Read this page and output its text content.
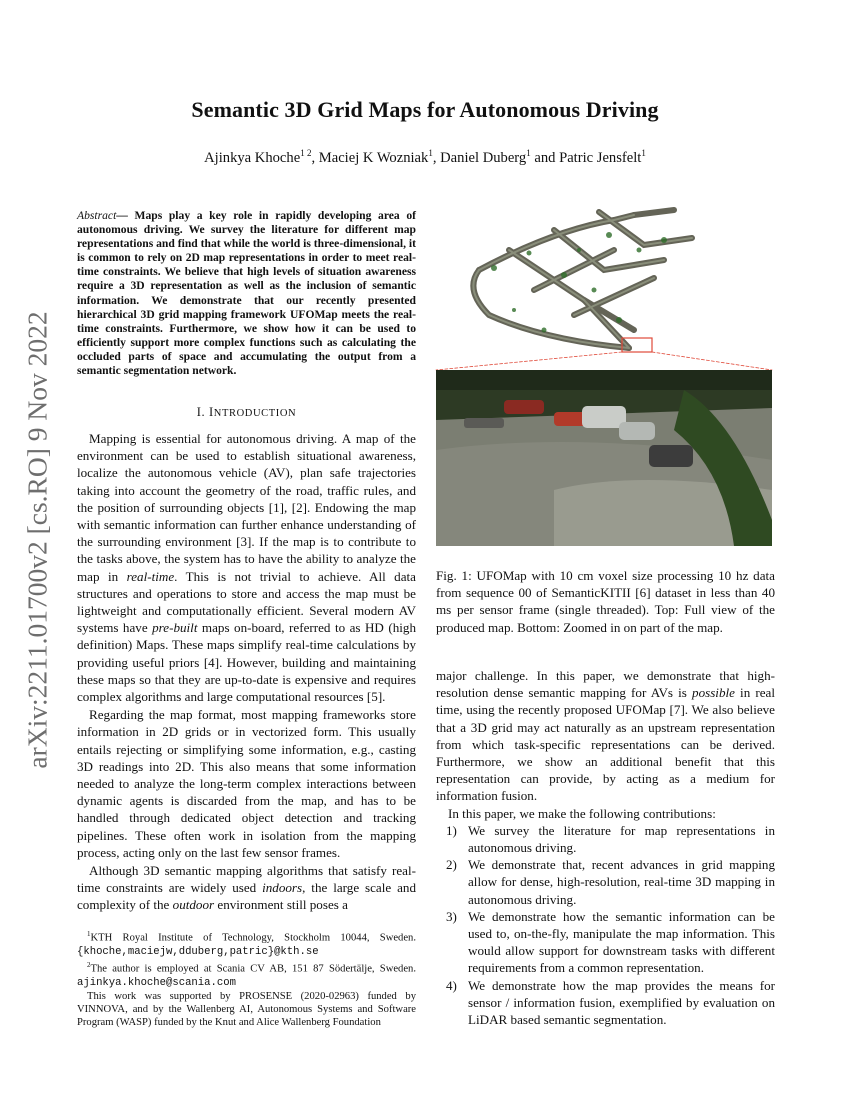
arXiv:2211.01700v2 [cs.RO] 9 Nov 2022
Semantic 3D Grid Maps for Autonomous Driving
Ajinkya Khoche$^{1 2}$, Maciej K Wozniak$^1$, Daniel Duberg$^1$ and Patric Jensfelt$^1$
Abstract— Maps play a key role in rapidly developing area of autonomous driving. We survey the literature for different map representations and find that while the world is three-dimensional, it is common to rely on 2D map representations in order to meet real-time constraints. We believe that high levels of situation awareness require a 3D representation as well as the inclusion of semantic information. We demonstrate that our recently presented hierarchical 3D grid mapping framework UFOMap meets the real-time constraints. Furthermore, we show how it can be used to efficiently support more complex functions such as calculating the occluded parts of space and accumulating the output from a semantic segmentation network.
I. INTRODUCTION

Mapping is essential for autonomous driving. A map of the environment can be used to establish situational awareness, localize the autonomous vehicle (AV), plan safe trajectories taking into account the geometry of the road, traffic rules, and the position of surrounding objects [1], [2]. Endowing the map with semantic information can further enhance understanding of the surrounding environment [3]. If the map is to contribute to the tasks above, the system has to have the ability to analyze the map in real-time. This is not trivial to achieve. All data structures and operations to store and access the map must be lightweight and computationally efficient. Several modern AV systems have pre-built maps on-board, referred to as HD (high definition) Maps. These maps simplify real-time calculations by providing useful priors [4]. However, building and maintaining these maps so that they are up-to-date is expensive and requires complex algorithms and large computational resources [5].

Regarding the map format, most mapping frameworks store information in 2D grids or in vectorized form. This usually entails rejecting or simplifying some information, e.g., casting 3D readings into 2D. This also means that some information needed to analyze the long-term complex interactions between dynamic agents is discarded from the map, and has to be handled through dedicated object detection and tracking pipelines. These often work in isolation from the mapping process, acting only on the last few sensor frames.

Although 3D semantic mapping algorithms that satisfy real-time constraints are widely used indoors, the large scale and complexity of the outdoor environment still poses a

$^1$KTH Royal Institute of Technology, Stockholm 10044, Sweden. {khoche,maciejw,dduberg,patric}@kth.se

$^2$The author is employed at Scania CV AB, 151 87 Södertälje, Sweden. ajinkya.khoche@scania.com

This work was supported by PROSENSE (2020-02963) funded by VINNOVA, and by the Wallenberg AI, Autonomous Systems and Software Program (WASP) funded by the Knut and Alice Wallenberg Foundation

Fig. 1: UFOMap with 10 cm voxel size processing 10 hz data from sequence 00 of SemanticKITII [6] dataset in less than 40 ms per sensor frame (single threaded). Top: Full view of the produced map. Bottom: Zoomed in on part of the map.

major challenge. In this paper, we demonstrate that high-resolution dense semantic mapping for AVs is possible in real time, using the recently proposed UFOMap [7]. We also believe that a 3D grid may act naturally as an upstream representation from which task-specific representations can be derived. Furthermore, we show an additional benefit that this representation can provide, by acting as a medium for information fusion.

In this paper, we make the following contributions:

1) We survey the literature for map representations in autonomous driving.
2) We demonstrate that, recent advances in grid mapping allow for dense, high-resolution, real-time 3D mapping in autonomous driving.
3) We demonstrate how the semantic information can be used to, on-the-fly, manipulate the map information. This would allow support for downstream tasks with different requirements from a common representation.
4) We demonstrate how the map provides the means for sensor / information fusion, exemplified by evaluation on LiDAR based semantic segmentation.
